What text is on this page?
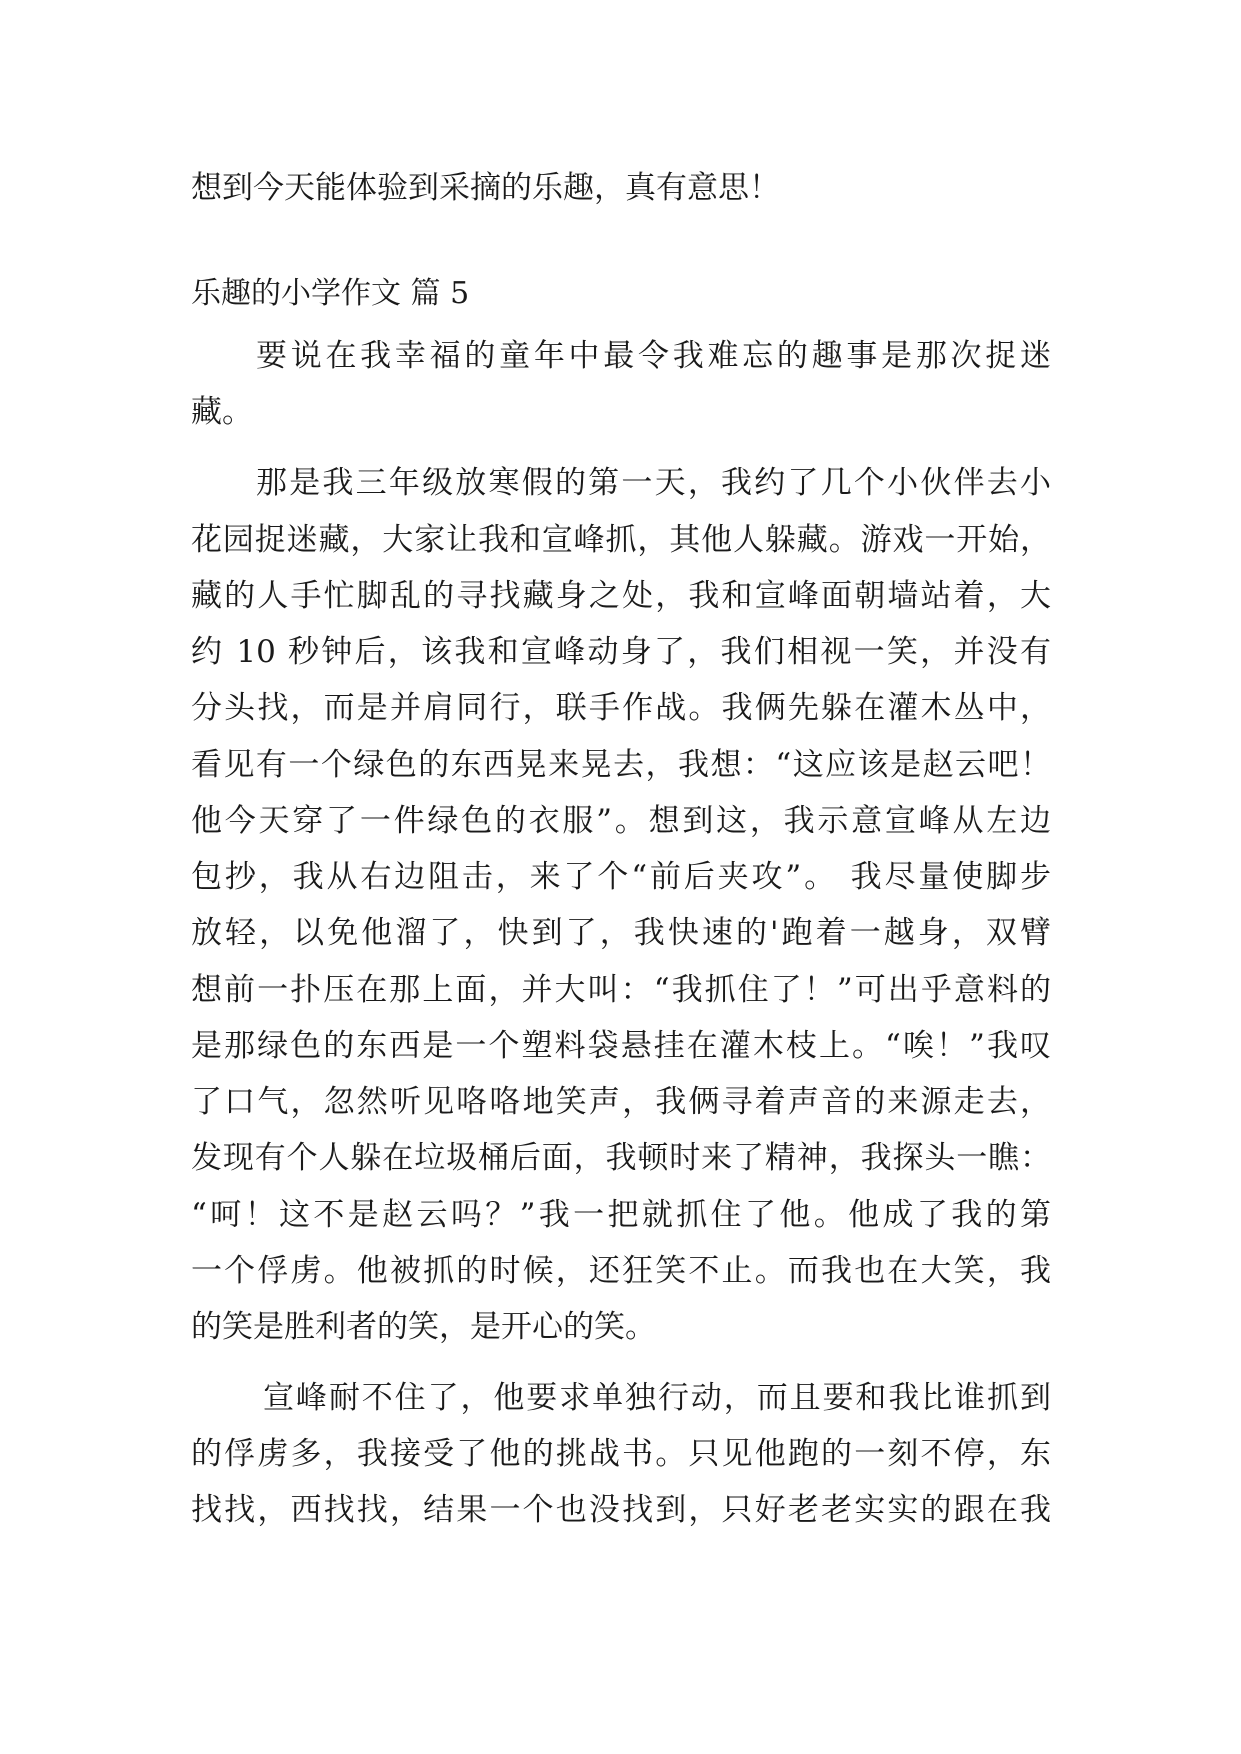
想到今天能体验到采摘的乐趣，真有意思！
乐趣的小学作文 篇 5
要说在我幸福的童年中最令我难忘的趣事是那次捉迷
藏。
那是我三年级放寒假的第一天，我约了几个小伙伴去小
花园捉迷藏，大家让我和宣峰抓，其他人躲藏。游戏一开始，
藏的人手忙脚乱的寻找藏身之处，我和宣峰面朝墙站着，大
约 10 秒钟后，该我和宣峰动身了，我们相视一笑，并没有
分头找，而是并肩同行，联手作战。我俩先躲在灌木丛中，
看见有一个绿色的东西晃来晃去，我想：“这应该是赵云吧！
他今天穿了一件绿色的衣服”。想到这，我示意宣峰从左边
包抄，我从右边阻击，来了个“前后夹攻”。 我尽量使脚步
放轻，以免他溜了，快到了，我快速的'跑着一越身，双臂
想前一扑压在那上面，并大叫：“我抓住了！”可出乎意料的
是那绿色的东西是一个塑料袋悬挂在灌木枝上。“唉！”我叹
了口气，忽然听见咯咯地笑声，我俩寻着声音的来源走去，
发现有个人躲在垃圾桶后面，我顿时来了精神，我探头一瞧：
“呵！这不是赵云吗？”我一把就抓住了他。他成了我的第
一个俘虏。他被抓的时候，还狂笑不止。而我也在大笑，我
的笑是胜利者的笑，是开心的笑。
宣峰耐不住了，他要求单独行动，而且要和我比谁抓到
的俘虏多，我接受了他的挑战书。只见他跑的一刻不停，东
找找，西找找，结果一个也没找到，只好老老实实的跟在我
